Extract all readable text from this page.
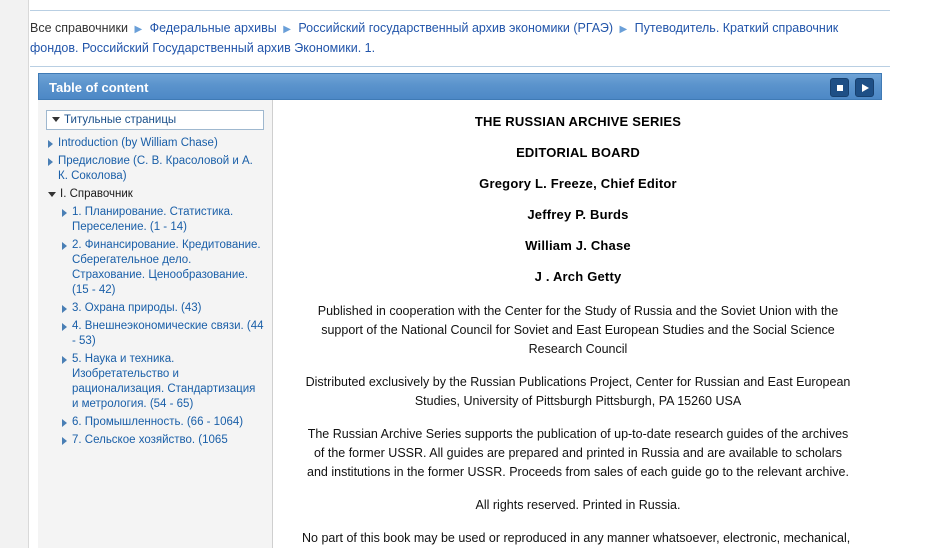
Все справочники ▶ Федеральные архивы ▶ Российский государственный архив экономики (РГАЭ) ▶ Путеводитель. Краткий справочник фондов. Российский Государственный архив Экономики. 1.
Table of content
Титульные страницы
Introduction (by William Chase)
Предисловие (С. В. Красоловой и А. К. Соколова)
I. Справочник
1. Планирование. Статистика. Переселение. (1 - 14)
2. Финансирование. Кредитование. Сберегательное дело. Страхование. Ценообразование. (15 - 42)
3. Охрана природы. (43)
4. Внешнеэкономические связи. (44 - 53)
5. Наука и техника. Изобретательство и рационализация. Стандартизация и метрология. (54 - 65)
6. Промышленность. (66 - 1064)
7. Сельское хозяйство. (1065
THE RUSSIAN ARCHIVE SERIES
EDITORIAL BOARD
Gregory L. Freeze, Chief Editor
Jeffrey P. Burds
William J. Chase
J . Arch Getty

Published in cooperation with the Center for the Study of Russia and the Soviet Union with the support of the National Council for Soviet and East European Studies and the Social Science Research Council

Distributed exclusively by the Russian Publications Project, Center for Russian and East European Studies, University of Pittsburgh Pittsburgh, PA 15260 USA

The Russian Archive Series supports the publication of up-to-date research guides of the archives of the former USSR. All guides are prepared and printed in Russia and are available to scholars and institutions in the former USSR. Proceeds from sales of each guide go to the relevant archive.

All rights reserved. Printed in Russia.

No part of this book may be used or reproduced in any manner whatsoever, electronic, mechanical,
